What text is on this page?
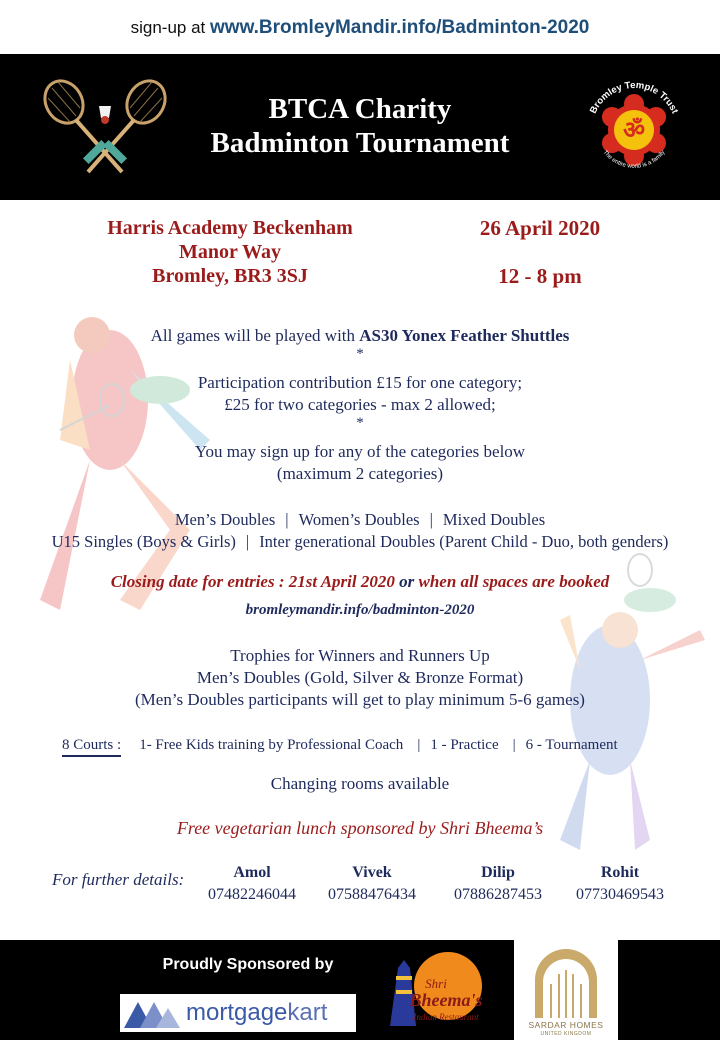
sign-up at www.BromleyMandir.info/Badminton-2020
BTCA Charity
Badminton Tournament
Bromley Temple Trust
ॐ
The entire world is a family
Harris Academy Beckenham
Manor Way
Bromley, BR3 3SJ
26 April 2020
12 - 8 pm
All games will be played with AS30 Yonex Feather Shuttles
*
Participation contribution £15 for one category;
£25 for two categories - max 2 allowed;
*
You may sign up for any of the categories below
(maximum 2 categories)
Men’s Doubles | Women’s Doubles | Mixed Doubles
U15 Singles (Boys & Girls) | Inter generational Doubles (Parent Child - Duo, both genders)
Closing date for entries : 21st April 2020 or when all spaces are booked
bromleymandir.info/badminton-2020
Trophies for Winners and Runners Up
Men’s Doubles (Gold, Silver & Bronze Format)
(Men’s Doubles participants will get to play minimum 5-6 games)
8 Courts : 1- Free Kids training by Professional Coach | 1 - Practice | 6 - Tournament
Changing rooms available
Free vegetarian lunch sponsored by Shri Bheema’s
For further details:	Amol
07482246044
Vivek
07588476434
Dilip
07886287453
Rohit
07730469543
Proudly Sponsored by
mortgagekart
Shri
Bheema's
Indian Restaurant
SARDAR HOMES
UNITED KINGDOM
